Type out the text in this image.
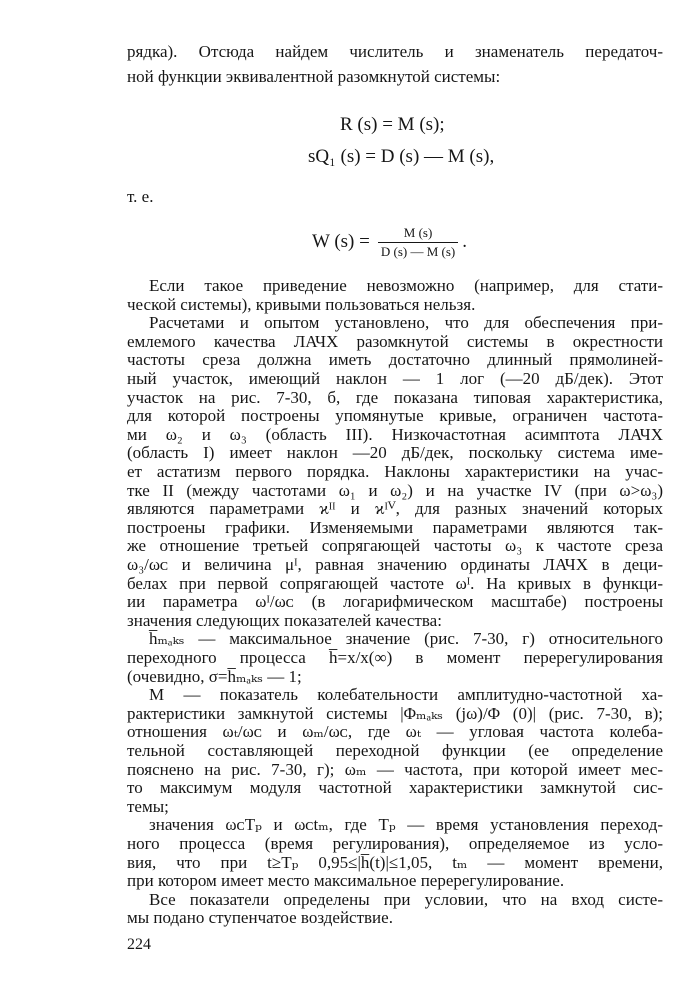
рядка). Отсюда найдем числитель и знаменатель передаточ-

ной функции эквивалентной разомкнутой системы:

R (s) = M (s);

sQ₁ (s) = D (s) — M (s),

т. е.
W $(s) = \frac{M (s)}{D (s) — M (s)}$ .

Если такое приведение невозможно (например, для стати-

ческой системы), кривыми пользоваться нельзя.

Расчетами и опытом установлено, что для обеспечения при-

емлемого качества ЛАЧХ разомкнутой системы в окрестности

частоты среза должна иметь достаточно длинный прямолиней-

ный участок, имеющий наклон — 1 лог (—20 дБ/дек). Этот

участок на рис. 7-30, б, где показана типовая характеристика,

для которой построены упомянутые кривые, ограничен частота-

ми ω₂ и ω₃ (область III). Низкочастотная асимптота ЛАЧХ

(область I) имеет наклон —20 дБ/дек, поскольку система име-

ет астатизм первого порядка. Наклоны характеристики на учас-

тке II (между частотами ω₁ и ω₂) и на участке IV (при ω>ω₃)

являются параметрами ϰᴵᴵ и ϰᴵⱽ, для разных значений которых

построены графики. Изменяемыми параметрами являются так-

же отношение третьей сопрягающей частоты ω₃ к частоте среза

ω₃/ωᴄ и величина μᴵ, равная значению ординаты ЛАЧХ в деци-

белах при первой сопрягающей частоте ωᴵ. На кривых в функци-

ии параметра ωᴵ/ωᴄ (в логарифмическом масштабе) построены

значения следующих показателей качества:

h̅ₘₐₖₛ — максимальное значение (рис. 7-30, г) относительного

переходного процесса h̅=x/x(∞) в момент перерегулирования

(очевидно, σ=h̅ₘₐₖₛ — 1;

M — показатель колебательности амплитудно-частотной ха-

рактеристики замкнутой системы |Φₘₐₖₛ (jω)/Φ (0)| (рис. 7-30, в);

отношения ωₜ/ωᴄ и ωₘ/ωᴄ, где ωₜ — угловая частота колеба-

тельной составляющей переходной функции (ее определение

пояснено на рис. 7-30, г); ωₘ — частота, при которой имеет мес-

то максимум модуля частотной характеристики замкнутой сис-

темы;

значения ωᴄTₚ и ωᴄtₘ, где Tₚ — время установления переход-

ного процесса (время регулирования), определяемое из усло-

вия, что при t≥Tₚ 0,95≤|h̅(t)|≤1,05, tₘ — момент времени,

при котором имеет место максимальное перерегулирование.

Все показатели определены при условии, что на вход систе-

мы подано ступенчатое воздействие.

224
